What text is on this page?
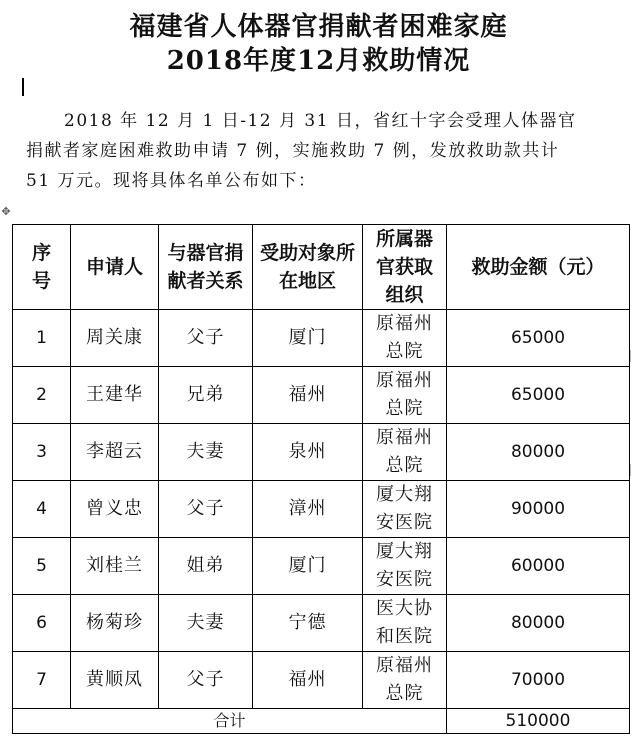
福建省人体器官捐献者困难家庭
2018年度12月救助情况
2018 年 12 月 1 日-12 月 31 日，省红十字会受理人体器官捐献者家庭困难救助申请 7 例，实施救助 7 例，发放救助款共计 51 万元。现将具体名单公布如下：
✥
序号	申请人	与器官捐献者关系	受助对象所在地区	所属器官获取组织	救助金额（元）
1	周关康	父子	厦门	原福州总院	65000
2	王建华	兄弟	福州	原福州总院	65000
3	李超云	夫妻	泉州	原福州总院	80000
4	曾义忠	父子	漳州	厦大翔安医院	90000
5	刘桂兰	姐弟	厦门	厦大翔安医院	60000
6	杨菊珍	夫妻	宁德	医大协和医院	80000
7	黄顺凤	父子	福州	原福州总院	70000
合计					510000
